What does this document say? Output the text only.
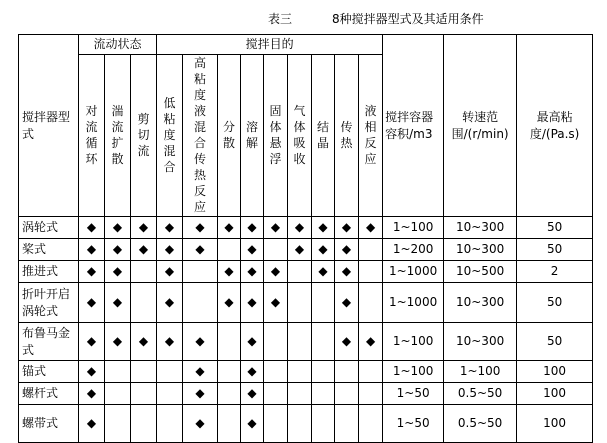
表三	8种搅拌器型式及其适用条件
搅拌器型式	流动状态			搅拌目的									搅拌容器容积/m3	转速范围/(r/min)	最高粘度/(Pa.s)
	对流循环	湍流扩散	剪切流	低粘度混合	高粘度液混合传热反应	分散	溶解	固体悬浮	气体吸收	结晶	传热	液相反应			
涡轮式	◆	◆	◆	◆	◆	◆	◆	◆	◆	◆	◆	◆	1~100	10~300	50
桨式	◆	◆	◆	◆	◆		◆		◆	◆	◆		1~200	10~300	50
推进式	◆	◆		◆		◆	◆	◆		◆	◆		1~1000	10~500	2
折叶开启涡轮式	◆	◆		◆		◆	◆	◆			◆		1~1000	10~300	50
布鲁马金式	◆	◆	◆	◆	◆		◆				◆	◆	1~100	10~300	50
锚式	◆				◆		◆						1~100	1~100	100
螺杆式	◆				◆		◆						1~50	0.5~50	100
螺带式	◆				◆		◆						1~50	0.5~50	100
